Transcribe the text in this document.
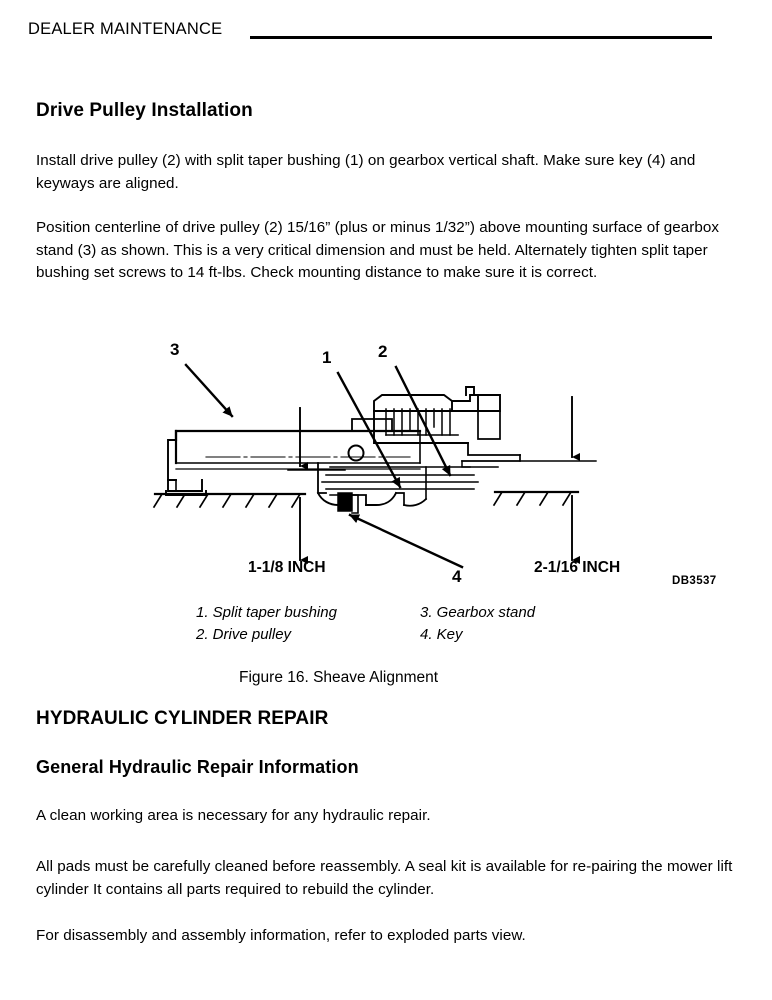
DEALER MAINTENANCE
Drive Pulley Installation
Install drive pulley (2) with split taper bushing (1) on gearbox vertical shaft. Make sure key (4) and keyways are aligned.
Position centerline of drive pulley (2) 15/16” (plus or minus 1/32”) above mounting surface of gearbox stand (3) as shown. This is a very critical dimension and must be held. Alternately tighten split taper bushing set screws to 14 ft-lbs. Check mounting distance to make sure it is correct.
3	1	2
4
1-1/8 INCH	2-1/16 INCH
DB3537
1. Split taper bushing
2. Drive pulley
3. Gearbox stand
4. Key
Figure 16. Sheave Alignment
HYDRAULIC CYLINDER REPAIR
General Hydraulic Repair Information
A clean working area is necessary for any hydraulic repair.
All pads must be carefully cleaned before reassembly. A seal kit is available for re-pairing the mower lift cylinder It contains all parts required to rebuild the cylinder.
For disassembly and assembly information, refer to exploded parts view.
